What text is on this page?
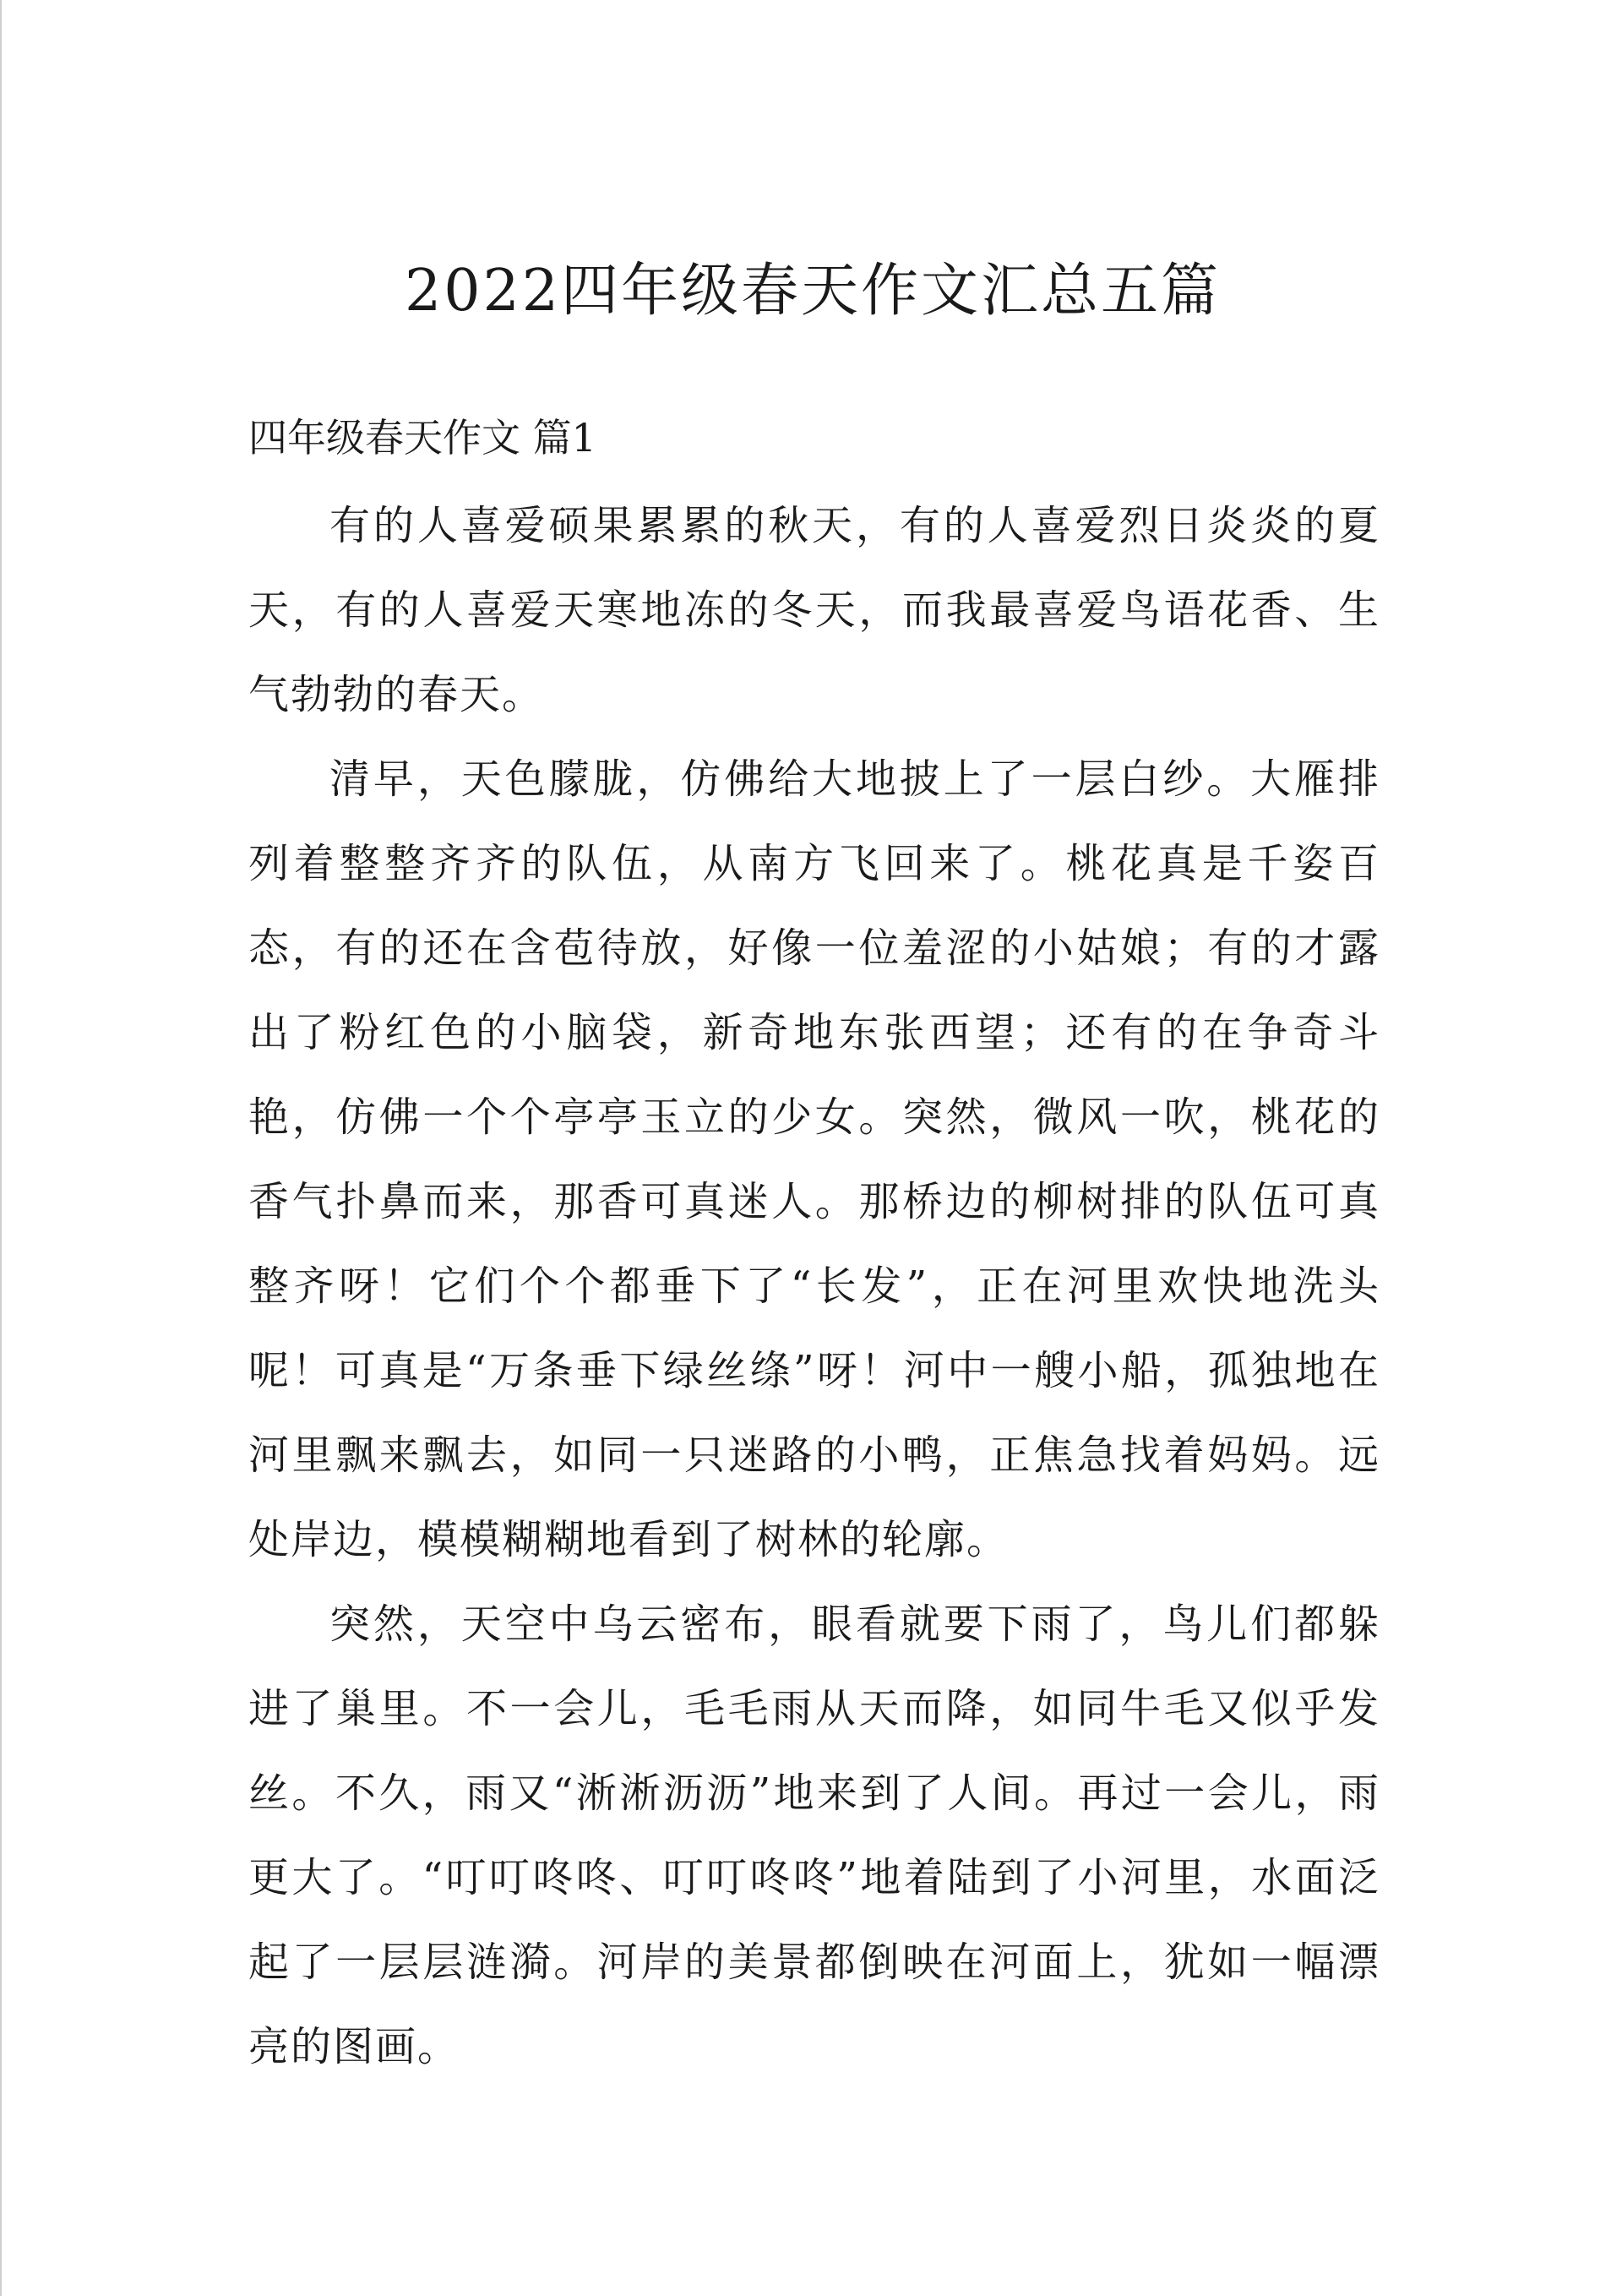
2022四年级春天作文汇总五篇
四年级春天作文 篇1

有的人喜爱硕果累累的秋天，有的人喜爱烈日炎炎的夏天，有的人喜爱天寒地冻的冬天，而我最喜爱鸟语花香、生气勃勃的春天。

清早，天色朦胧，仿佛给大地披上了一层白纱。大雁排列着整整齐齐的队伍，从南方飞回来了。桃花真是千姿百态，有的还在含苞待放，好像一位羞涩的小姑娘；有的才露出了粉红色的小脑袋，新奇地东张西望；还有的在争奇斗艳，仿佛一个个亭亭玉立的少女。突然，微风一吹，桃花的香气扑鼻而来，那香可真迷人。那桥边的柳树排的队伍可真整齐呀！它们个个都垂下了“长发”，正在河里欢快地洗头呢！可真是“万条垂下绿丝绦”呀！河中一艘小船，孤独地在河里飘来飘去，如同一只迷路的小鸭，正焦急找着妈妈。远处岸边，模模糊糊地看到了树林的轮廓。

突然，天空中乌云密布，眼看就要下雨了，鸟儿们都躲进了巢里。不一会儿，毛毛雨从天而降，如同牛毛又似乎发丝。不久，雨又“淅淅沥沥”地来到了人间。再过一会儿，雨更大了。“叮叮咚咚、叮叮咚咚”地着陆到了小河里，水面泛起了一层层涟漪。河岸的美景都倒映在河面上，犹如一幅漂亮的图画。
